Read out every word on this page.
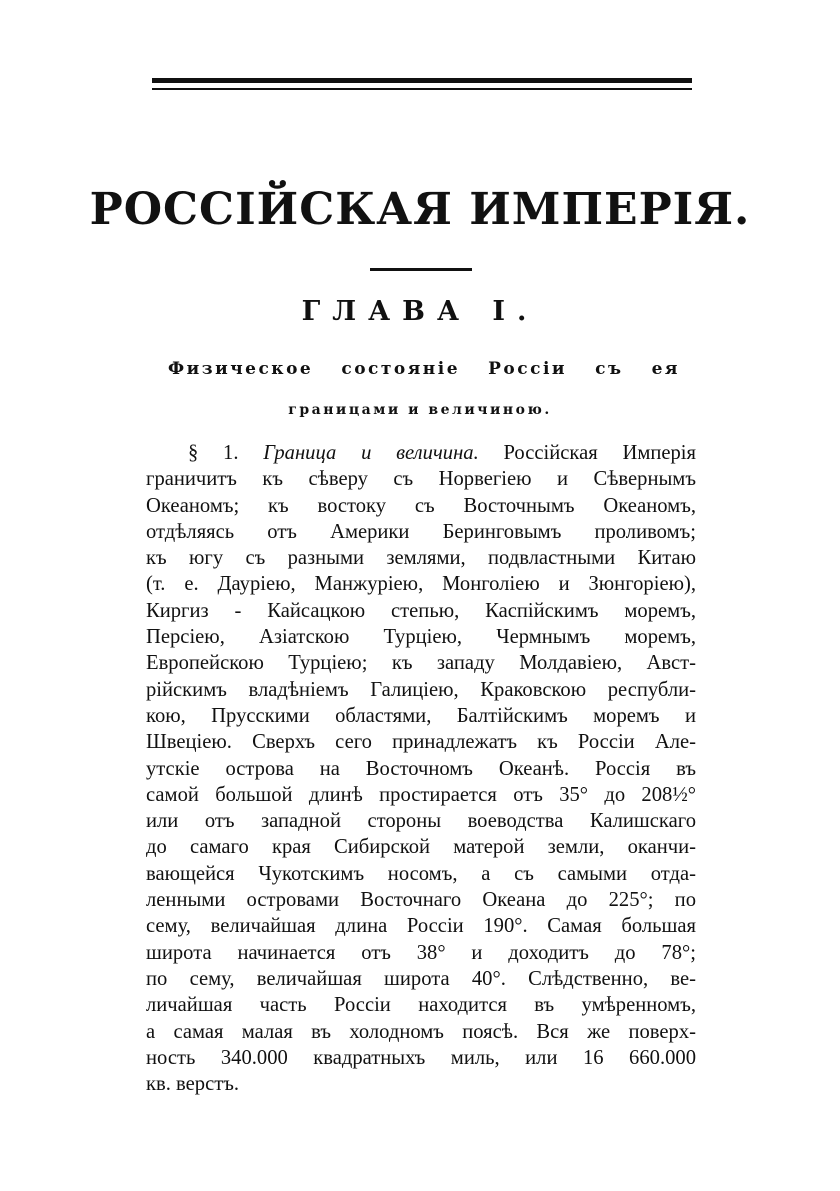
РОССІЙСКАЯ ИМПЕРІЯ.
ГЛАВА I.

Физическое состояніе Россіи съ ея

границами и величиною.

§ 1. Граница и величина. Россійская Имперія
граничитъ къ сѣверу съ Норвегіею и Сѣвернымъ
Океаномъ; къ востоку съ Восточнымъ Океаномъ,
отдѣляясь отъ Америки Беринговымъ проливомъ;
къ югу съ разными землями, подвластными Китаю
(т. е. Дауріею, Манжуріею, Монголіею и Зюнгоріею),
Киргиз - Кайсацкою степью, Каспійскимъ моремъ,
Персіею, Азіатскою Турціею, Чермнымъ моремъ,
Европейскою Турціею; къ западу Молдавіею, Авст-
рійскимъ владѣніемъ Галиціею, Краковскою республи-
кою, Прусскими областями, Балтійскимъ моремъ и
Швеціею. Сверхъ сего принадлежатъ къ Россіи Але-
утскіе острова на Восточномъ Океанѣ. Россія въ
самой большой длинѣ простирается отъ 35° до 208½°
или отъ западной стороны воеводства Калишскаго
до самаго края Сибирской матерой земли, оканчи-
вающейся Чукотскимъ носомъ, а съ самыми отда-
ленными островами Восточнаго Океана до 225°; по
сему, величайшая длина Россіи 190°. Самая большая
широта начинается отъ 38° и доходитъ до 78°;
по сему, величайшая широта 40°. Слѣдственно, ве-
личайшая часть Россіи находится въ умѣренномъ,
а самая малая въ холодномъ поясѣ. Вся же поверх-
ность 340.000 квадратныхъ миль, или 16 660.000
кв. верстъ.
